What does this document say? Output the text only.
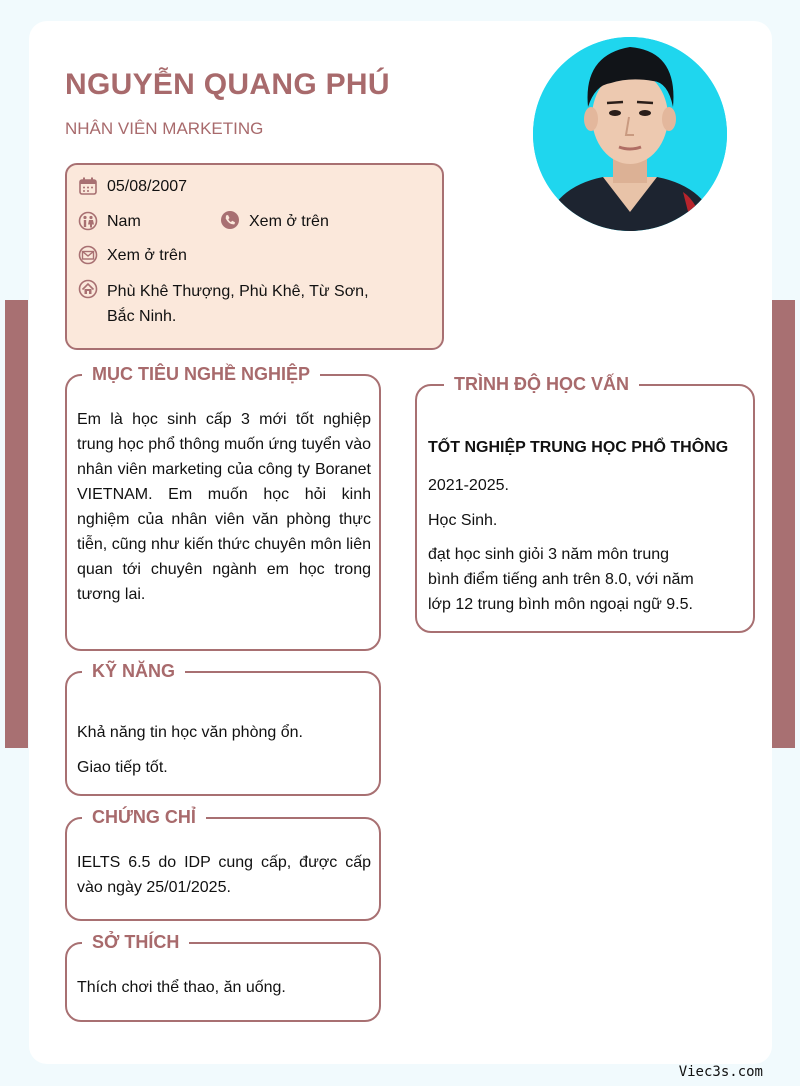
NGUYỄN QUANG PHÚ
NHÂN VIÊN MARKETING
05/08/2007
Nam	Xem ở trên
Xem ở trên
Phù Khê Thượng, Phù Khê, Từ Sơn,
Bắc Ninh.
MỤC TIÊU NGHỀ NGHIỆP
Em là học sinh cấp 3 mới tốt nghiệp trung học phổ thông muốn ứng tuyển vào nhân viên marketing của công ty Boranet VIETNAM. Em muốn học hỏi kinh nghiệm của nhân viên văn phòng thực tiễn, cũng như kiến thức chuyên môn liên quan tới chuyên ngành em học trong tương lai.
KỸ NĂNG
Khả năng tin học văn phòng ổn.
Giao tiếp tốt.
CHỨNG CHỈ
IELTS 6.5 do IDP cung cấp, được cấp vào ngày 25/01/2025.
SỞ THÍCH
Thích chơi thể thao, ăn uống.
TRÌNH ĐỘ HỌC VẤN
TỐT NGHIỆP TRUNG HỌC PHỔ THÔNG
2021-2025.
Học Sinh.
đạt học sinh giỏi 3 năm môn trung
bình điểm tiếng anh trên 8.0, với năm
lớp 12 trung bình môn ngoại ngữ 9.5.
Viec3s.com
